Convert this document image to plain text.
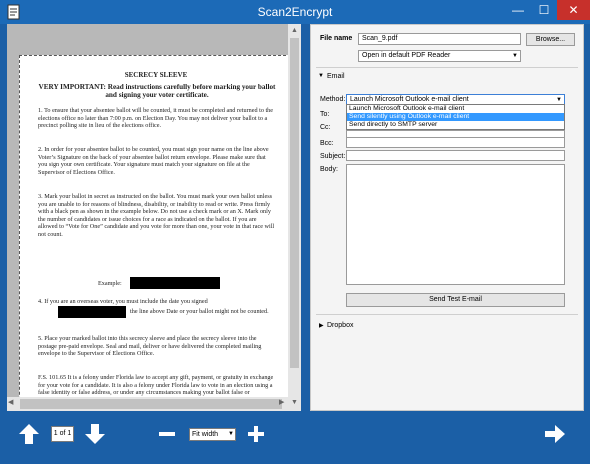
Scan2Encrypt	—	☐	✕

SECRECY SLEEVE

VERY IMPORTANT: Read instructions carefully before marking your ballot and signing your voter certificate.

1. To ensure that your absentee ballot will be counted, it must be completed and returned to the elections office no later than 7:00 p.m. on Election Day. You may not deliver your ballot to a precinct polling site in lieu of the elections office.

2. In order for your absentee ballot to be counted, you must sign your name on the line above Voter’s Signature on the back of your absentee ballot return envelope. Please make sure that you sign your own certificate. Your signature must match your signature on file at the Supervisor of Elections Office.

3. Mark your ballot in secret as instructed on the ballot. You must mark your own ballot unless you are unable to for reasons of blindness, disability, or inability to read or write. Press firmly with a black pen as shown in the example below. Do not use a check mark or an X. Mark only the number of candidates or issue choices for a race as indicated on the ballot. If you are allowed to “Vote for One” candidate and you vote for more than one, your vote in that race will not count.

Example:

4. If you are an overseas voter, you must include the date you signed

the line above Date or your ballot might not be counted.

5. Place your marked ballot into this secrecy sleeve and place the secrecy sleeve into the postage pre-paid envelope. Seal and mail, deliver or have delivered the completed mailing envelope to the Supervisor of Elections Office.

F.S. 101.65 It is a felony under Florida law to accept any gift, payment, or gratuity in exchange for your vote for a candidate. It is also a felony under Florida law to vote in an election using a false identity or false address, or under any circumstances making your ballot false or

▲
▼
◀	▶
File name	Scan_9.pdf	Browse...
Open in default PDF Reader	▼
▼ Email
Method: Launch Microsoft Outlook e-mail client	▼
Launch Microsoft Outlook e-mail client
Send silently using Outlook e-mail client
Send directly to SMTP server
To:
Cc:
Bcc:
Subject:
Body:
Send Test E-mail
▶ Dropbox
1 of 1	Fit width ▼
